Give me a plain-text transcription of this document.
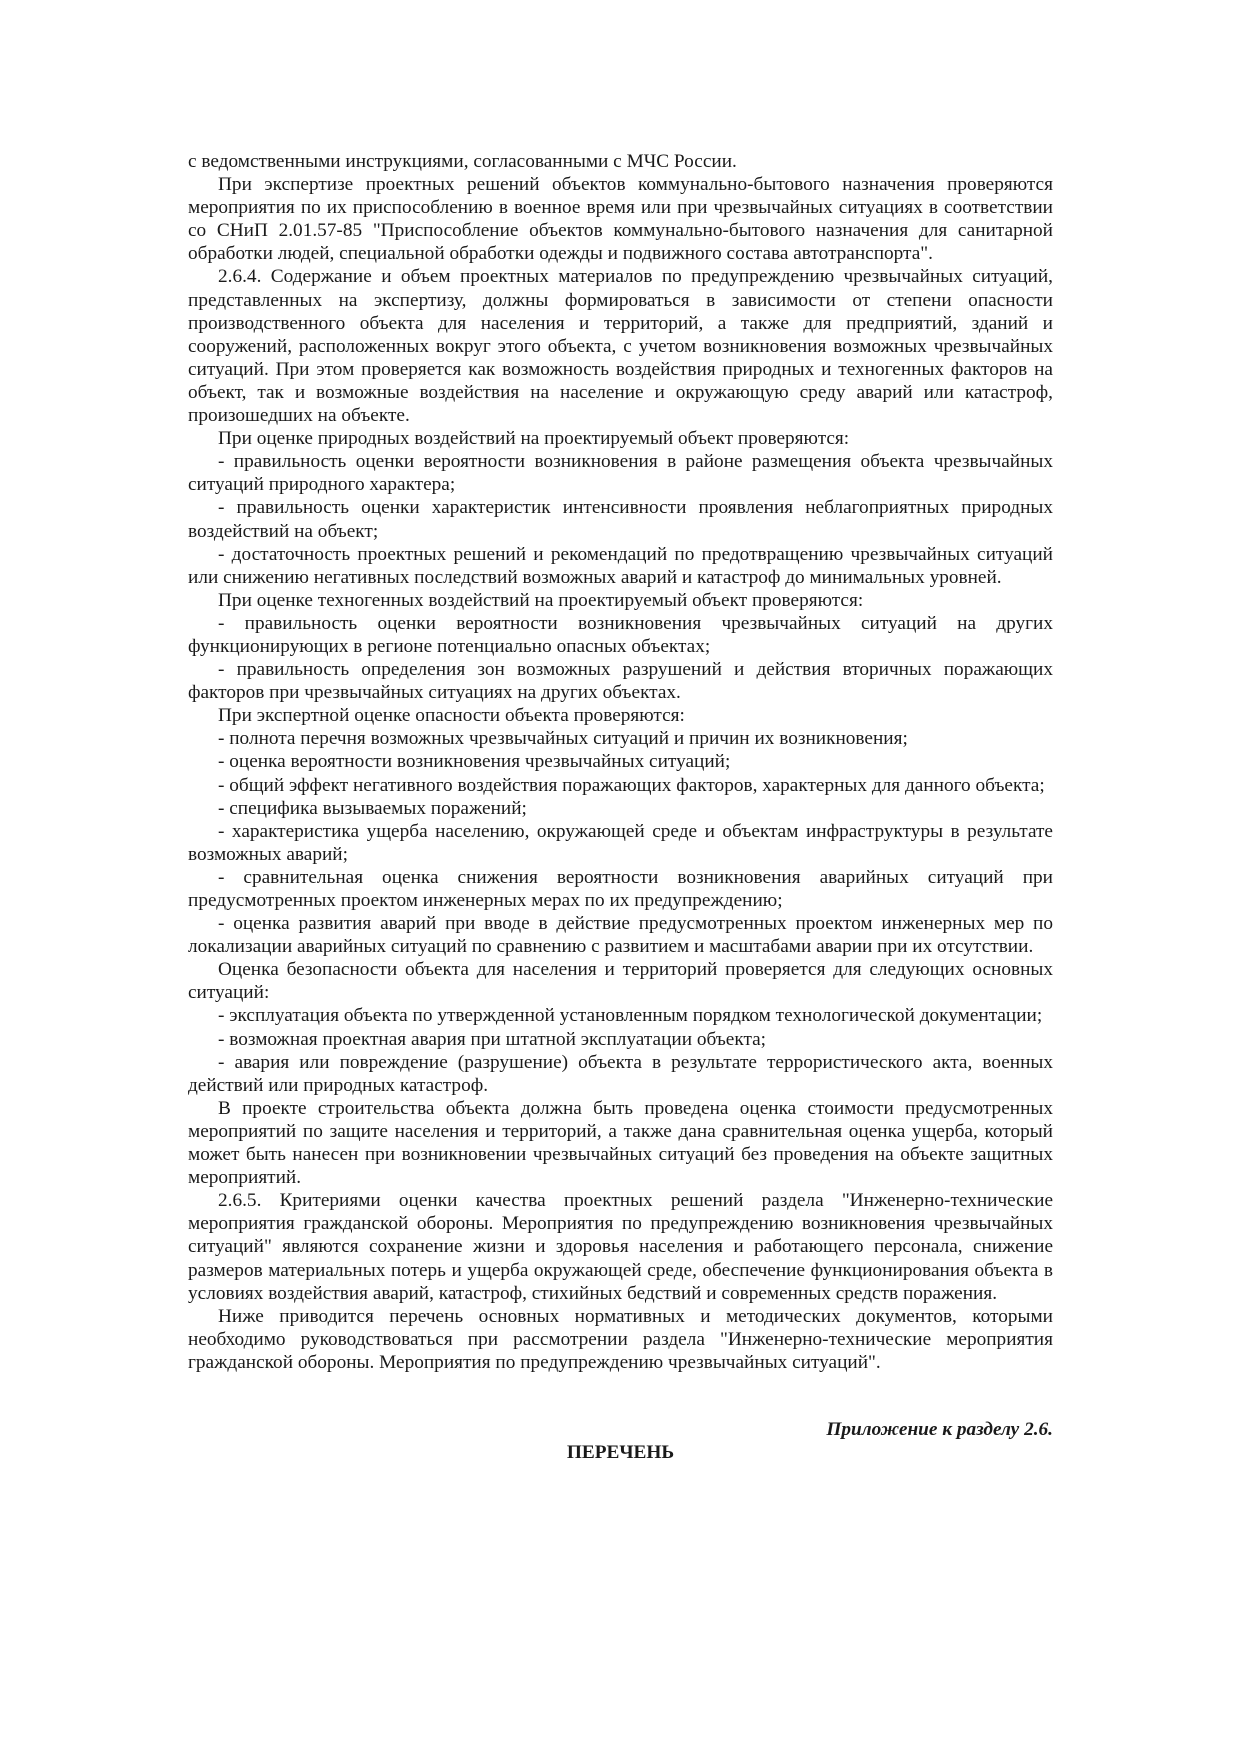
с ведомственными инструкциями, согласованными с МЧС России.

При экспертизе проектных решений объектов коммунально-бытового назначения проверяются мероприятия по их приспособлению в военное время или при чрезвычайных ситуациях в соответствии со СНиП 2.01.57-85 "Приспособление объектов коммунально-бытового назначения для санитарной обработки людей, специальной обработки одежды и подвижного состава автотранспорта".

2.6.4. Содержание и объем проектных материалов по предупреждению чрезвычайных ситуаций, представленных на экспертизу, должны формироваться в зависимости от степени опасности производственного объекта для населения и территорий, а также для предприятий, зданий и сооружений, расположенных вокруг этого объекта, с учетом возникновения возможных чрезвычайных ситуаций. При этом проверяется как возможность воздействия природных и техногенных факторов на объект, так и возможные воздействия на население и окружающую среду аварий или катастроф, произошедших на объекте.

При оценке природных воздействий на проектируемый объект проверяются:

- правильность оценки вероятности возникновения в районе размещения объекта чрезвычайных ситуаций природного характера;

- правильность оценки характеристик интенсивности проявления неблагоприятных природных воздействий на объект;

- достаточность проектных решений и рекомендаций по предотвращению чрезвычайных ситуаций или снижению негативных последствий возможных аварий и катастроф до минимальных уровней.

При оценке техногенных воздействий на проектируемый объект проверяются:

- правильность оценки вероятности возникновения чрезвычайных ситуаций на других функционирующих в регионе потенциально опасных объектах;

- правильность определения зон возможных разрушений и действия вторичных поражающих факторов при чрезвычайных ситуациях на других объектах.

При экспертной оценке опасности объекта проверяются:

- полнота перечня возможных чрезвычайных ситуаций и причин их возникновения;

- оценка вероятности возникновения чрезвычайных ситуаций;

- общий эффект негативного воздействия поражающих факторов, характерных для данного объекта;

- специфика вызываемых поражений;

- характеристика ущерба населению, окружающей среде и объектам инфраструктуры в результате возможных аварий;

- сравнительная оценка снижения вероятности возникновения аварийных ситуаций при предусмотренных проектом инженерных мерах по их предупреждению;

- оценка развития аварий при вводе в действие предусмотренных проектом инженерных мер по локализации аварийных ситуаций по сравнению с развитием и масштабами аварии при их отсутствии.

Оценка безопасности объекта для населения и территорий проверяется для следующих основных ситуаций:

- эксплуатация объекта по утвержденной установленным порядком технологической документации;

- возможная проектная авария при штатной эксплуатации объекта;

- авария или повреждение (разрушение) объекта в результате террористического акта, военных действий или природных катастроф.

В проекте строительства объекта должна быть проведена оценка стоимости предусмотренных мероприятий по защите населения и территорий, а также дана сравнительная оценка ущерба, который может быть нанесен при возникновении чрезвычайных ситуаций без проведения на объекте защитных мероприятий.

2.6.5. Критериями оценки качества проектных решений раздела "Инженерно-технические мероприятия гражданской обороны. Мероприятия по предупреждению возникновения чрезвычайных ситуаций" являются сохранение жизни и здоровья населения и работающего персонала, снижение размеров материальных потерь и ущерба окружающей среде, обеспечение функционирования объекта в условиях воздействия аварий, катастроф, стихийных бедствий и современных средств поражения.

Ниже приводится перечень основных нормативных и методических документов, которыми необходимо руководствоваться при рассмотрении раздела "Инженерно-технические мероприятия гражданской обороны. Мероприятия по предупреждению чрезвычайных ситуаций".

Приложение к разделу 2.6.
ПЕРЕЧЕНЬ
